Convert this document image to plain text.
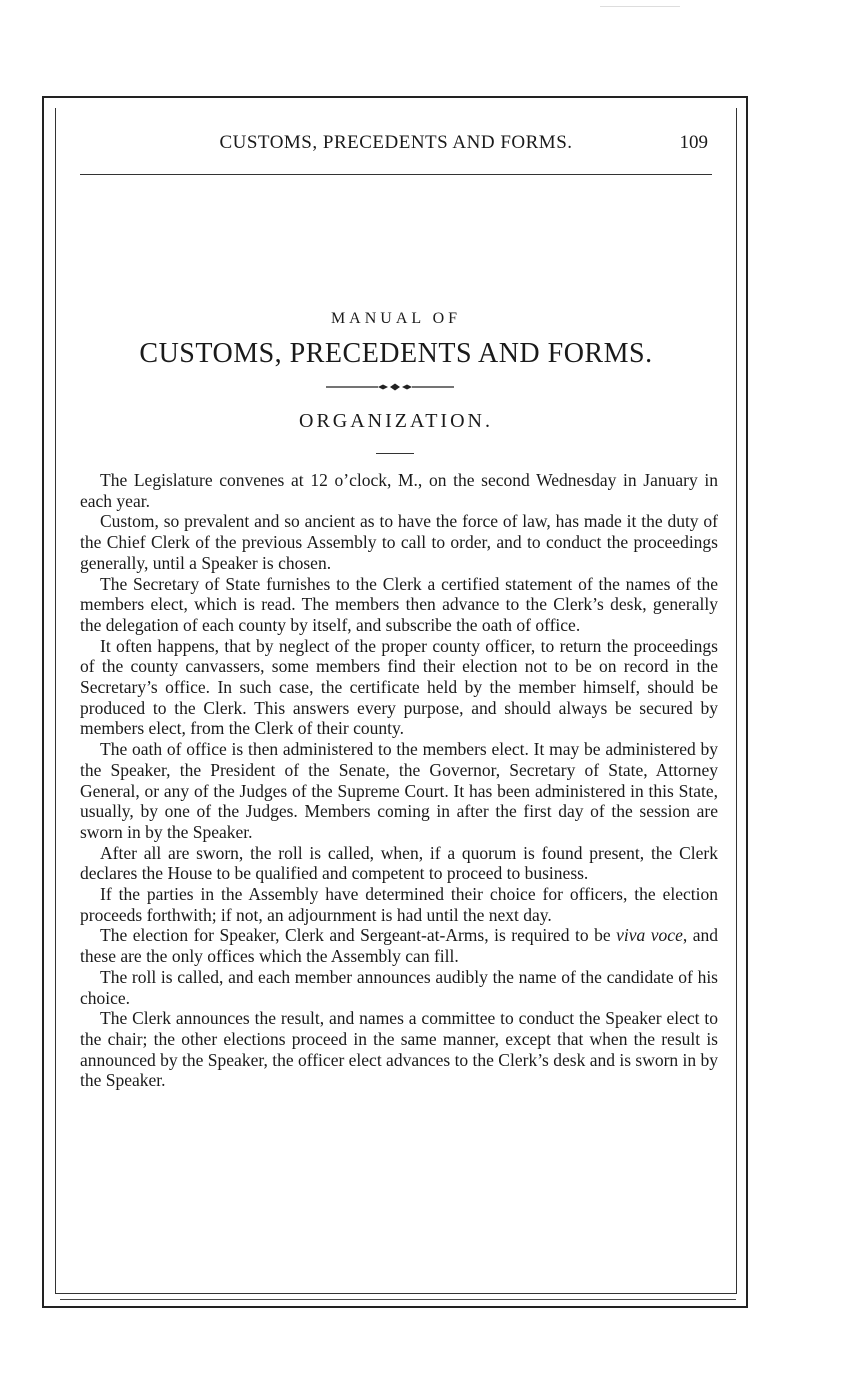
CUSTOMS, PRECEDENTS AND FORMS.	109
MANUAL OF
CUSTOMS, PRECEDENTS AND FORMS.
ORGANIZATION.

The Legislature convenes at 12 o’clock, M., on the second Wednesday in January in each year.

Custom, so prevalent and so ancient as to have the force of law, has made it the duty of the Chief Clerk of the previous Assembly to call to order, and to conduct the proceedings generally, until a Speaker is chosen.

The Secretary of State furnishes to the Clerk a certified statement of the names of the members elect, which is read. The members then advance to the Clerk’s desk, generally the delegation of each county by itself, and subscribe the oath of office.

It often happens, that by neglect of the proper county officer, to return the proceedings of the county canvassers, some members find their election not to be on record in the Secretary’s office. In such case, the certificate held by the member himself, should be produced to the Clerk. This answers every purpose, and should always be secured by members elect, from the Clerk of their county.

The oath of office is then administered to the members elect. It may be administered by the Speaker, the President of the Senate, the Governor, Secretary of State, Attorney General, or any of the Judges of the Supreme Court. It has been administered in this State, usually, by one of the Judges. Members coming in after the first day of the session are sworn in by the Speaker.

After all are sworn, the roll is called, when, if a quorum is found present, the Clerk declares the House to be qualified and competent to proceed to business.

If the parties in the Assembly have determined their choice for officers, the election proceeds forthwith; if not, an adjournment is had until the next day.

The election for Speaker, Clerk and Sergeant-at-Arms, is required to be viva voce, and these are the only offices which the Assembly can fill.

The roll is called, and each member announces audibly the name of the candidate of his choice.

The Clerk announces the result, and names a committee to conduct the Speaker elect to the chair; the other elections proceed in the same manner, except that when the result is announced by the Speaker, the officer elect advances to the Clerk’s desk and is sworn in by the Speaker.
